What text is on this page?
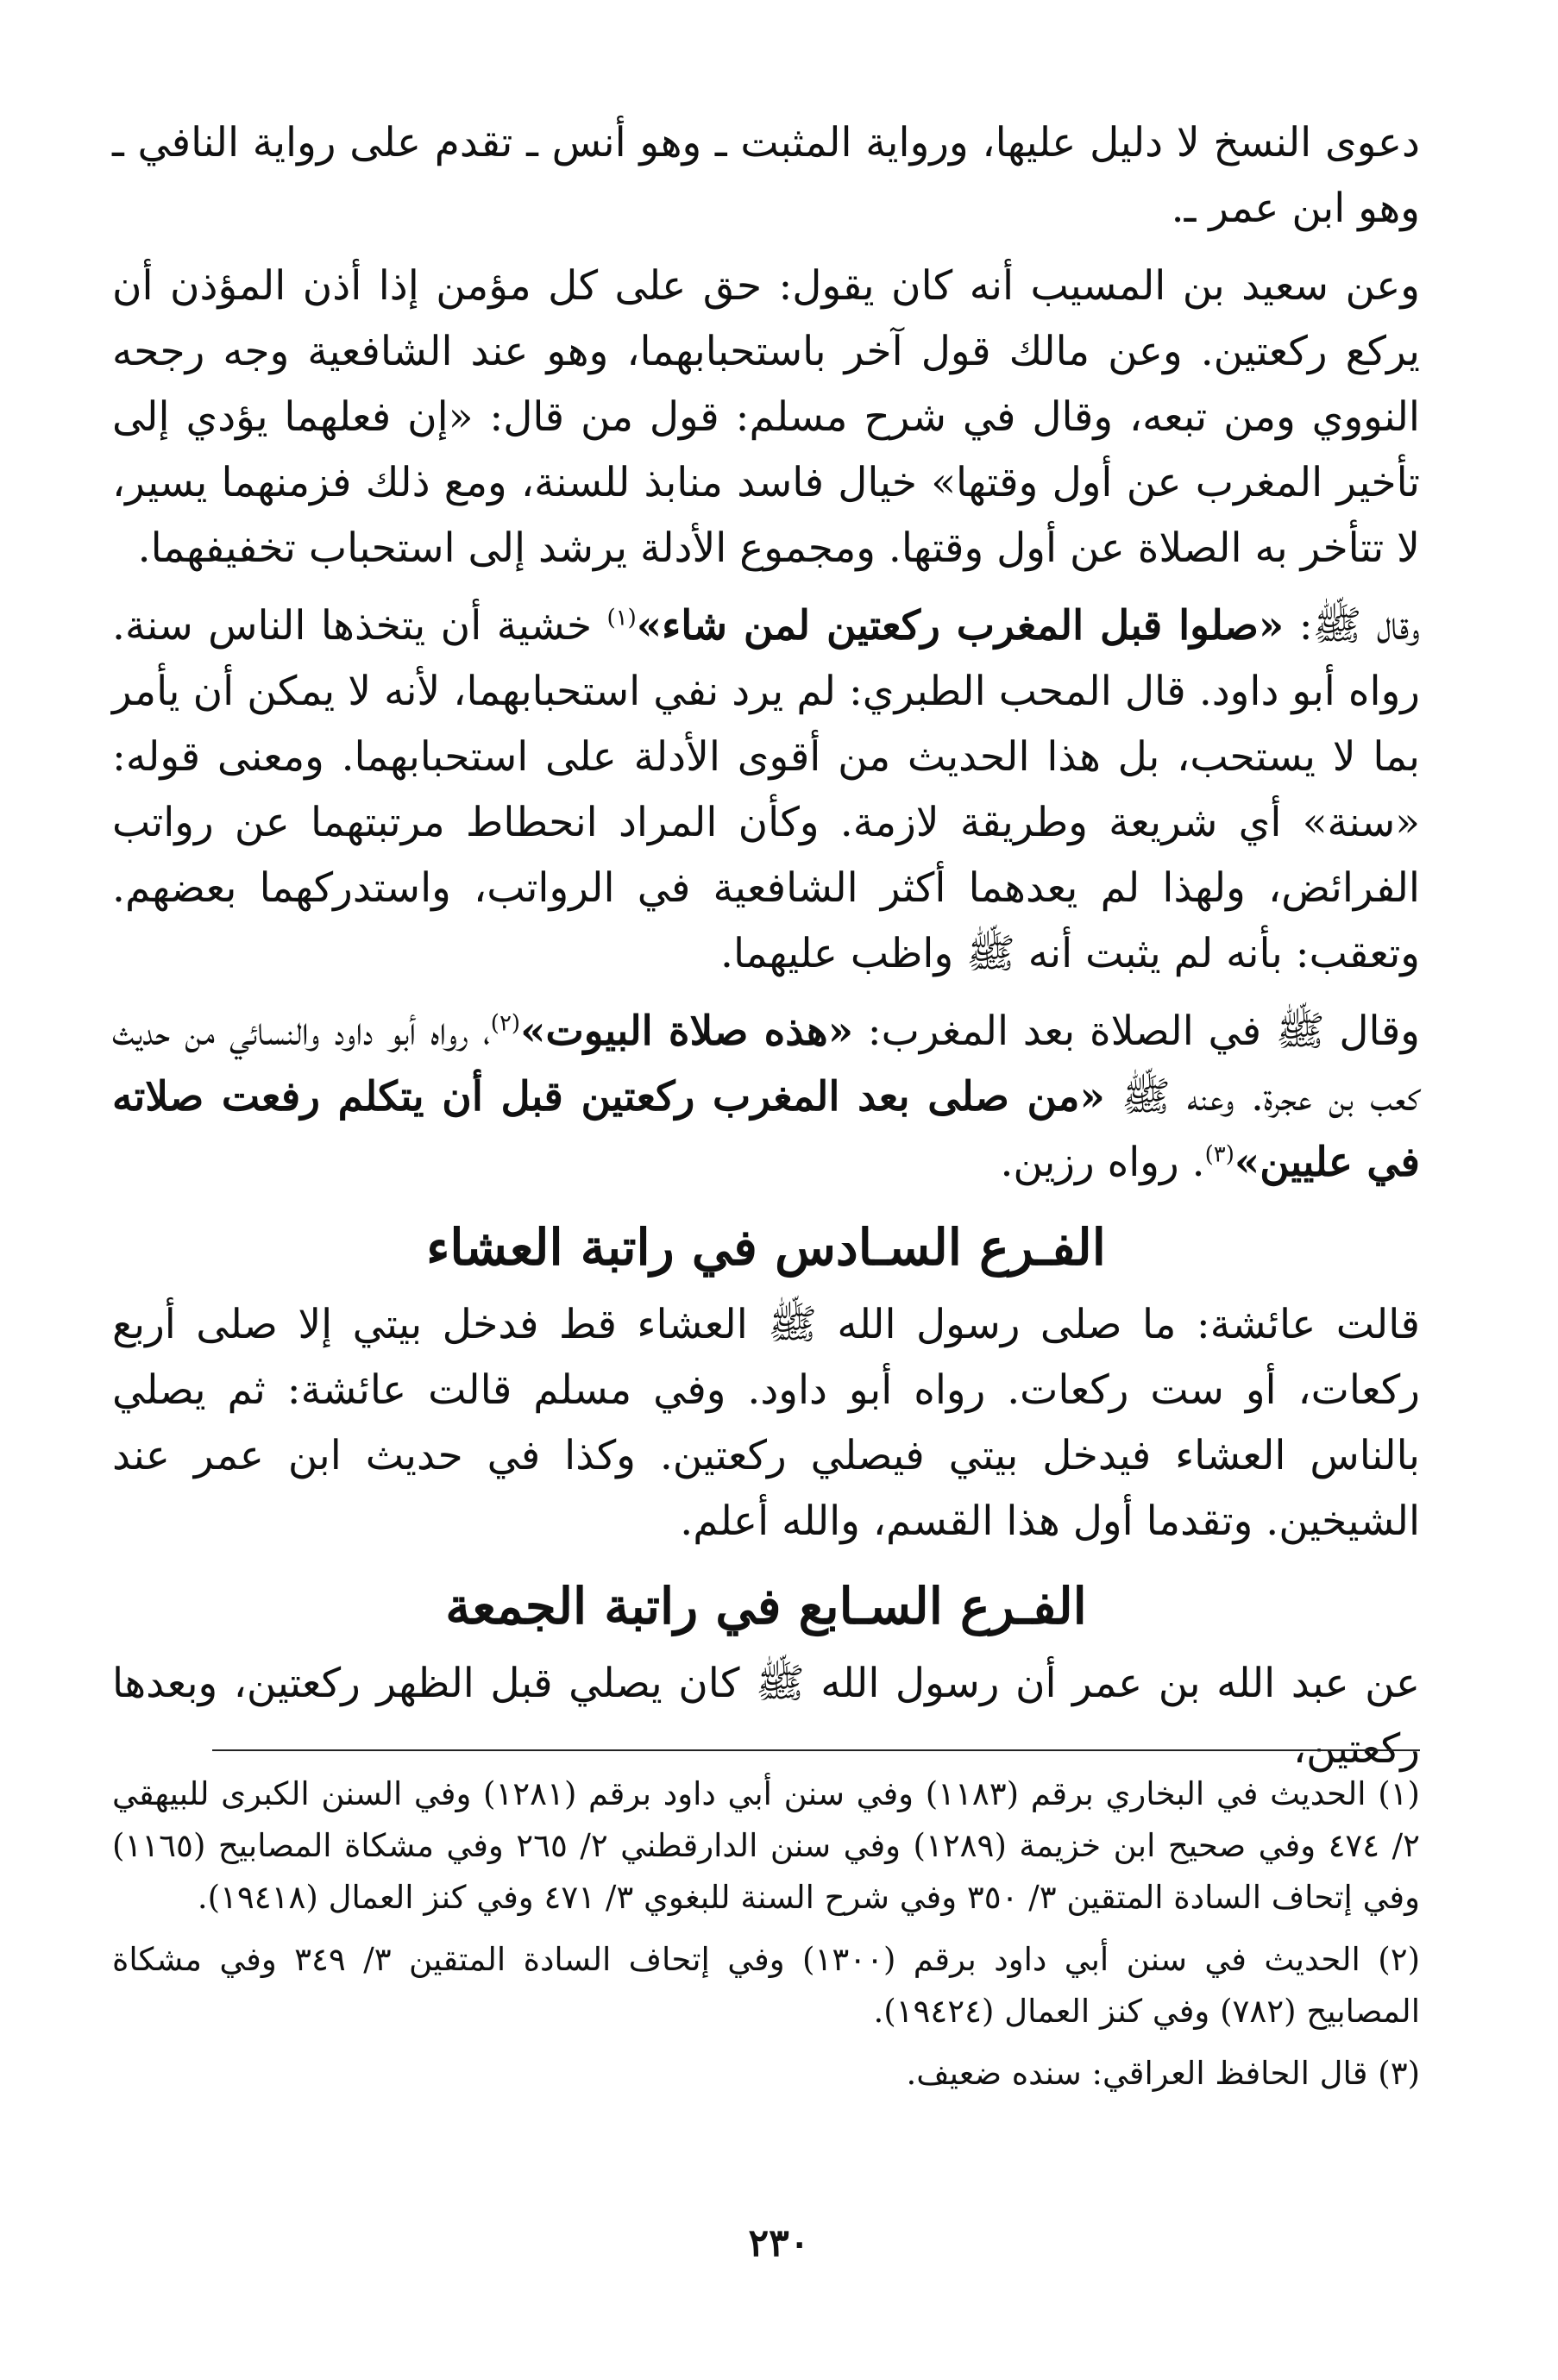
دعوى النسخ لا دليل عليها، ورواية المثبت ـ وهو أنس ـ تقدم على رواية النافي ـ وهو ابن عمر ـ.

وعن سعيد بن المسيب أنه كان يقول: حق على كل مؤمن إذا أذن المؤذن أن يركع ركعتين. وعن مالك قول آخر باستحبابهما، وهو عند الشافعية وجه رجحه النووي ومن تبعه، وقال في شرح مسلم: قول من قال: «إن فعلهما يؤدي إلى تأخير المغرب عن أول وقتها» خيال فاسد منابذ للسنة، ومع ذلك فزمنهما يسير، لا تتأخر به الصلاة عن أول وقتها. ومجموع الأدلة يرشد إلى استحباب تخفيفهما.

وقال ﷺ: «صلوا قبل المغرب ركعتين لمن شاء»$^{(١)}$ خشية أن يتخذها الناس سنة. رواه أبو داود. قال المحب الطبري: لم يرد نفي استحبابهما، لأنه لا يمكن أن يأمر بما لا يستحب، بل هذا الحديث من أقوى الأدلة على استحبابهما. ومعنى قوله: «سنة» أي شريعة وطريقة لازمة. وكأن المراد انحطاط مرتبتهما عن رواتب الفرائض، ولهذا لم يعدهما أكثر الشافعية في الرواتب، واستدركهما بعضهم. وتعقب: بأنه لم يثبت أنه ﷺ واظب عليهما.

وقال ﷺ في الصلاة بعد المغرب: «هذه صلاة البيوت»$^{(٢)}$، رواه أبو داود والنسائي من حديث كعب بن عجرة. وعنه ﷺ «من صلى بعد المغرب ركعتين قبل أن يتكلم رفعت صلاته في عليين»$^{(٣)}$. رواه رزين.

الفـرع السـادس في راتبة العشاء

قالت عائشة: ما صلى رسول الله ﷺ العشاء قط فدخل بيتي إلا صلى أربع ركعات، أو ست ركعات. رواه أبو داود. وفي مسلم قالت عائشة: ثم يصلي بالناس العشاء فيدخل بيتي فيصلي ركعتين. وكذا في حديث ابن عمر عند الشيخين. وتقدما أول هذا القسم، والله أعلم.

الفـرع السـابع في راتبة الجمعة

عن عبد الله بن عمر أن رسول الله ﷺ كان يصلي قبل الظهر ركعتين، وبعدها ركعتين،

(١) الحديث في البخاري برقم (١١٨٣) وفي سنن أبي داود برقم (١٢٨١) وفي السنن الكبرى للبيهقي ٢/ ٤٧٤ وفي صحيح ابن خزيمة (١٢٨٩) وفي سنن الدارقطني ٢/ ٢٦٥ وفي مشكاة المصابيح (١١٦٥) وفي إتحاف السادة المتقين ٣/ ٣٥٠ وفي شرح السنة للبغوي ٣/ ٤٧١ وفي كنز العمال (١٩٤١٨).

(٢) الحديث في سنن أبي داود برقم (١٣٠٠) وفي إتحاف السادة المتقين ٣/ ٣٤٩ وفي مشكاة المصابيح (٧٨٢) وفي كنز العمال (١٩٤٢٤).

(٣) قال الحافظ العراقي: سنده ضعيف.

٢٣٠
